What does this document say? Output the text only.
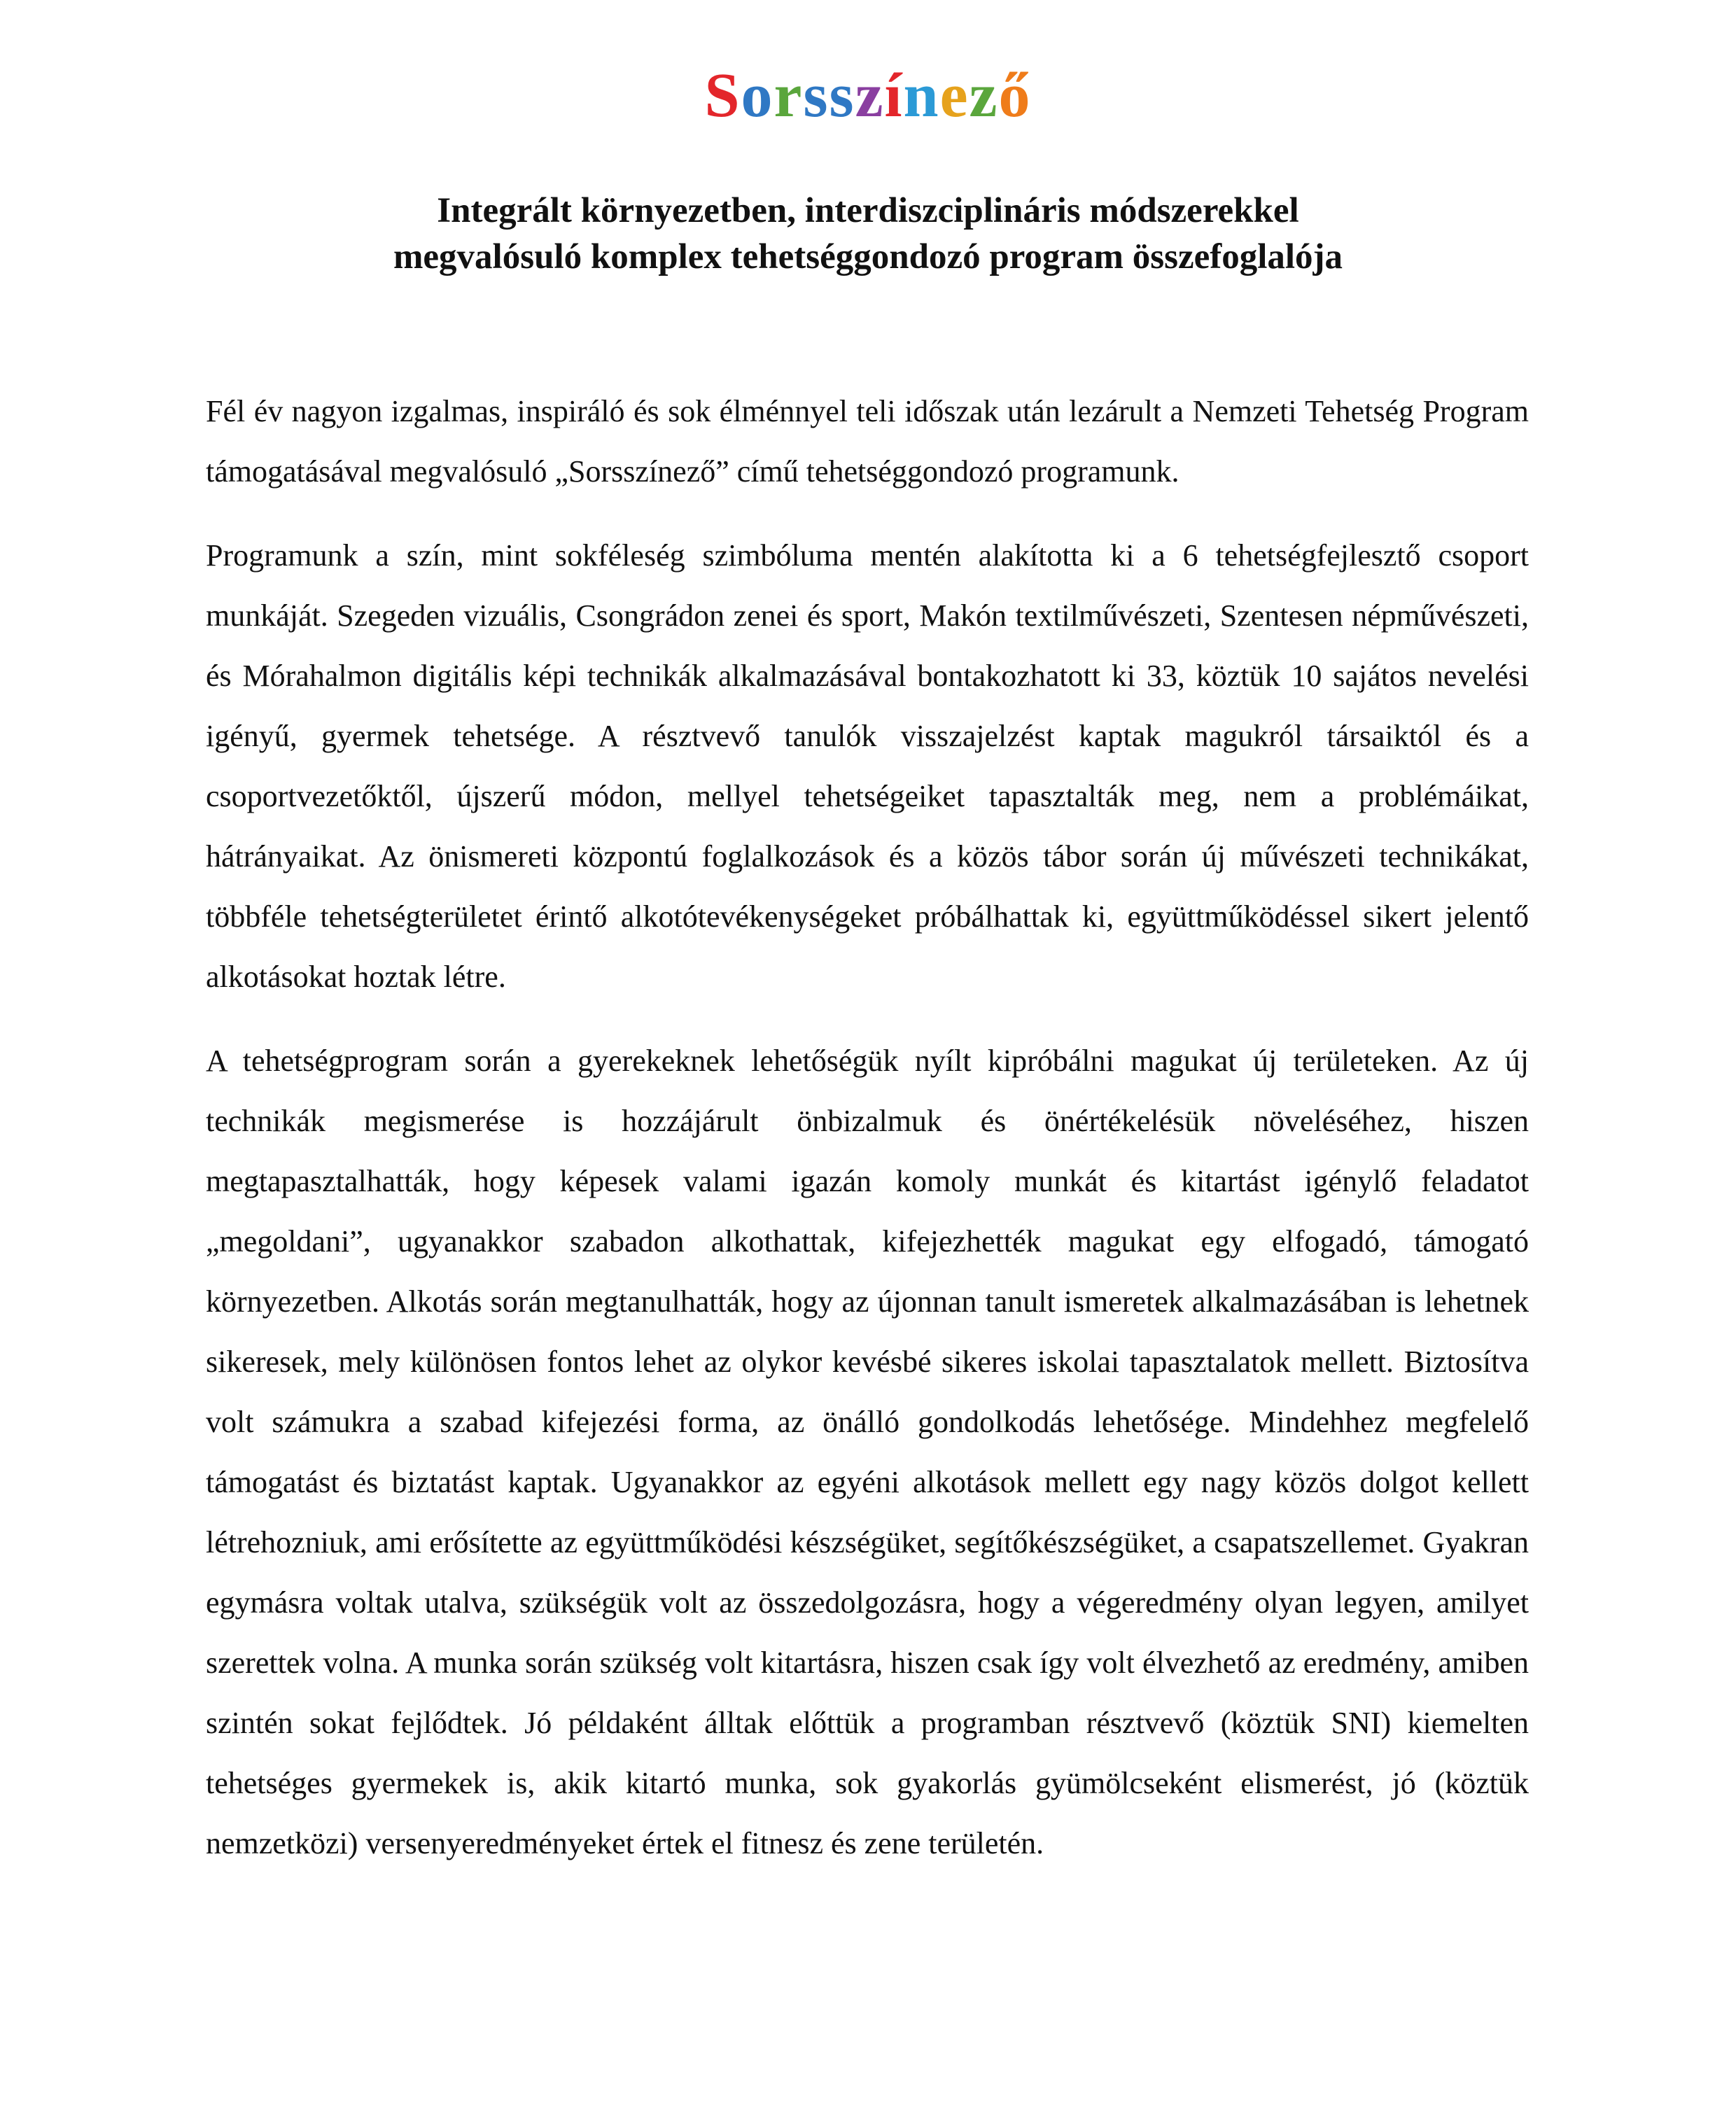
Sorsszínező
Integrált környezetben, interdiszciplináris módszerekkel
megvalósuló komplex tehetséggondozó program összefoglalója

Fél év nagyon izgalmas, inspiráló és sok élménnyel teli időszak után lezárult a Nemzeti Tehetség Program támogatásával megvalósuló „Sorsszínező” című tehetséggondozó programunk.

Programunk a szín, mint sokféleség szimbóluma mentén alakította ki a 6 tehetségfejlesztő csoport munkáját. Szegeden vizuális, Csongrádon zenei és sport, Makón textilművészeti, Szentesen népművészeti, és Mórahalmon digitális képi technikák alkalmazásával bontakozhatott ki 33, köztük 10 sajátos nevelési igényű, gyermek tehetsége. A résztvevő tanulók visszajelzést kaptak magukról társaiktól és a csoportvezetőktől, újszerű módon, mellyel tehetségeiket tapasztalták meg, nem a problémáikat, hátrányaikat. Az önismereti központú foglalkozások és a közös tábor során új művészeti technikákat, többféle tehetségterületet érintő alkotótevékenységeket próbálhattak ki, együttműködéssel sikert jelentő alkotásokat hoztak létre.

A tehetségprogram során a gyerekeknek lehetőségük nyílt kipróbálni magukat új területeken. Az új technikák megismerése is hozzájárult önbizalmuk és önértékelésük növeléséhez, hiszen megtapasztalhatták, hogy képesek valami igazán komoly munkát és kitartást igénylő feladatot „megoldani”, ugyanakkor szabadon alkothattak, kifejezhették magukat egy elfogadó, támogató környezetben. Alkotás során megtanulhatták, hogy az újonnan tanult ismeretek alkalmazásában is lehetnek sikeresek, mely különösen fontos lehet az olykor kevésbé sikeres iskolai tapasztalatok mellett. Biztosítva volt számukra a szabad kifejezési forma, az önálló gondolkodás lehetősége. Mindehhez megfelelő támogatást és biztatást kaptak. Ugyanakkor az egyéni alkotások mellett egy nagy közös dolgot kellett létrehozniuk, ami erősítette az együttműködési készségüket, segítőkészségüket, a csapatszellemet. Gyakran egymásra voltak utalva, szükségük volt az összedolgozásra, hogy a végeredmény olyan legyen, amilyet szerettek volna. A munka során szükség volt kitartásra, hiszen csak így volt élvezhető az eredmény, amiben szintén sokat fejlődtek. Jó példaként álltak előttük a programban résztvevő (köztük SNI) kiemelten tehetséges gyermekek is, akik kitartó munka, sok gyakorlás gyümölcseként elismerést, jó (köztük nemzetközi) versenyeredményeket értek el fitnesz és zene területén.
